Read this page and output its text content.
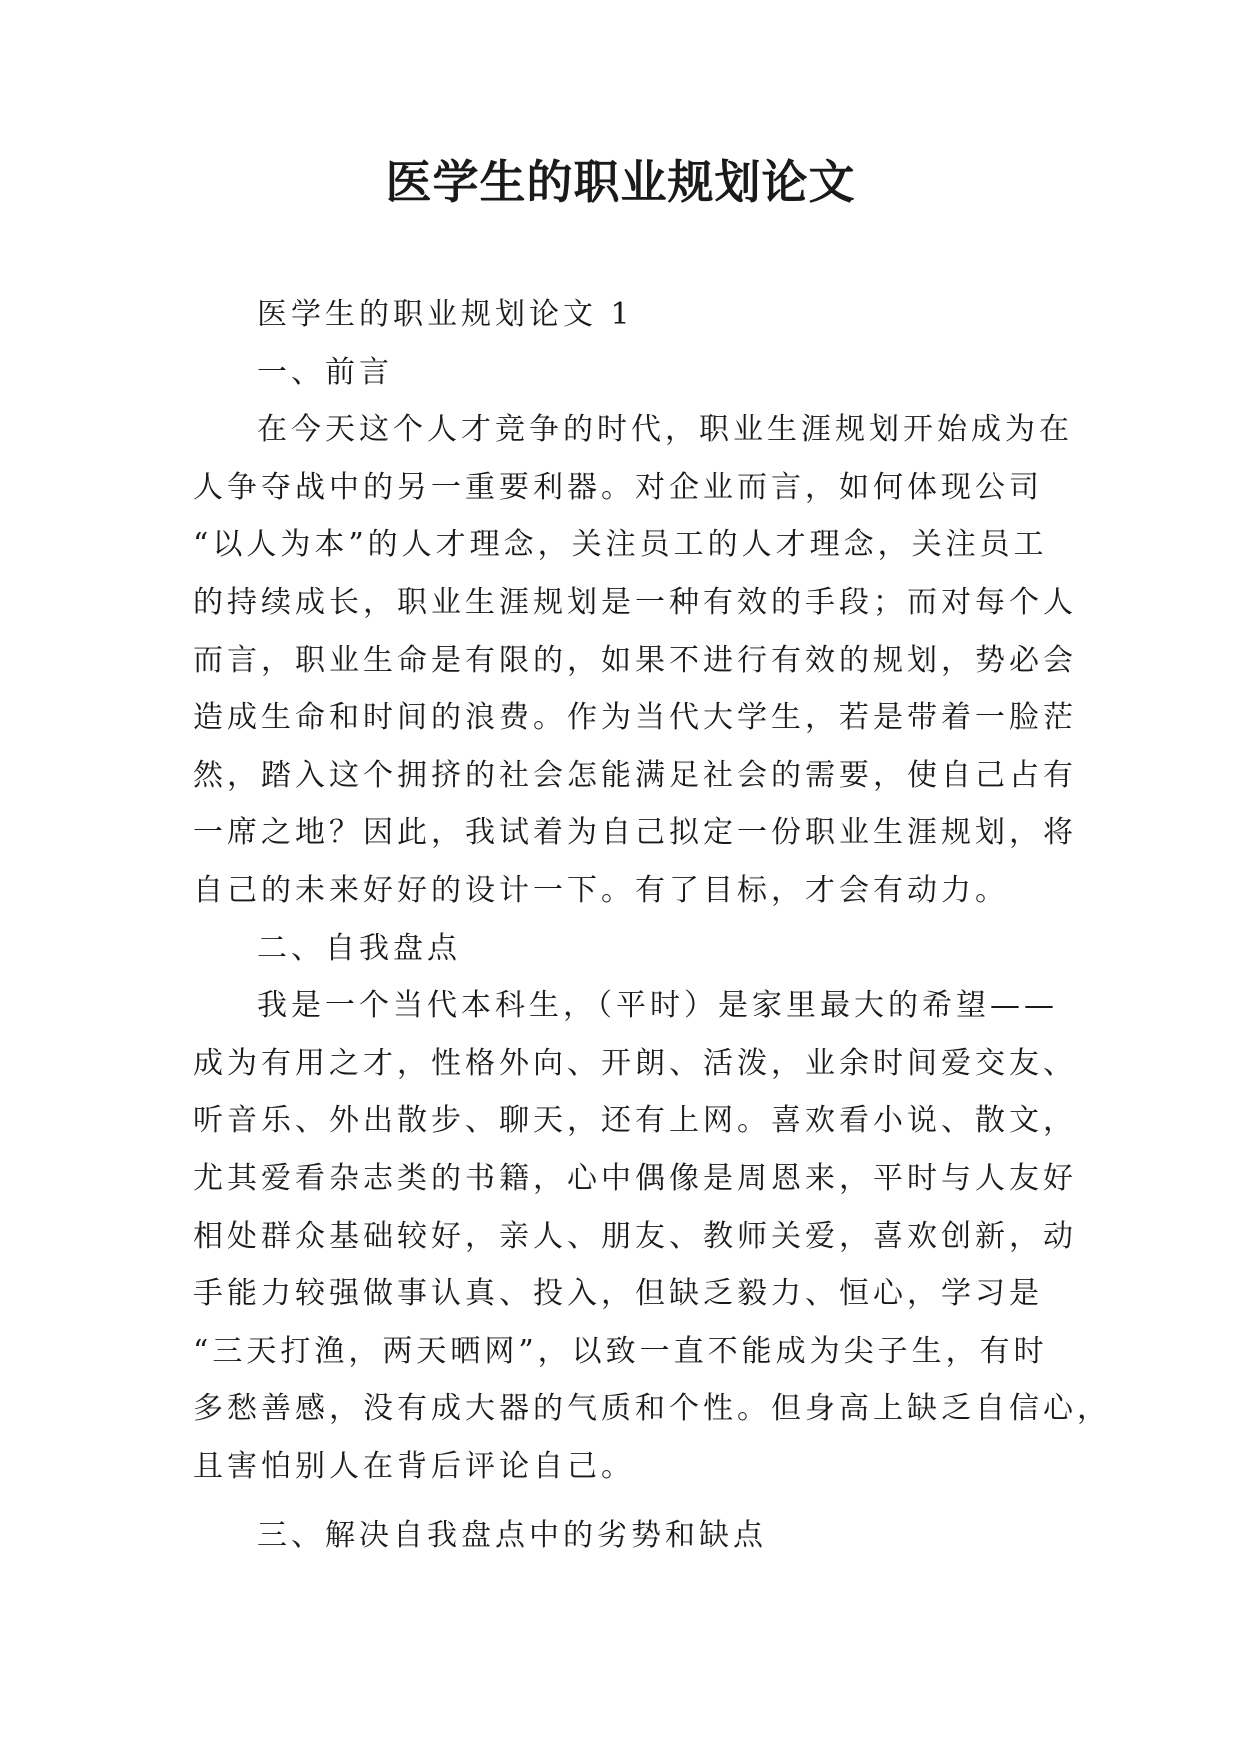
医学生的职业规划论文
医学生的职业规划论文 1
一、前言
在今天这个人才竞争的时代，职业生涯规划开始成为在
人争夺战中的另一重要利器。对企业而言，如何体现公司
“以人为本”的人才理念，关注员工的人才理念，关注员工
的持续成长，职业生涯规划是一种有效的手段；而对每个人
而言，职业生命是有限的，如果不进行有效的规划，势必会
造成生命和时间的浪费。作为当代大学生，若是带着一脸茫
然，踏入这个拥挤的社会怎能满足社会的需要，使自己占有
一席之地？因此，我试着为自己拟定一份职业生涯规划，将
自己的未来好好的设计一下。有了目标，才会有动力。
二、自我盘点
我是一个当代本科生，（平时）是家里最大的希望——
成为有用之才，性格外向、开朗、活泼，业余时间爱交友、
听音乐、外出散步、聊天，还有上网。喜欢看小说、散文，
尤其爱看杂志类的书籍，心中偶像是周恩来，平时与人友好
相处群众基础较好，亲人、朋友、教师关爱，喜欢创新，动
手能力较强做事认真、投入，但缺乏毅力、恒心，学习是
“三天打渔，两天晒网”，以致一直不能成为尖子生，有时
多愁善感，没有成大器的气质和个性。但身高上缺乏自信心，
且害怕别人在背后评论自己。
三、解决自我盘点中的劣势和缺点
